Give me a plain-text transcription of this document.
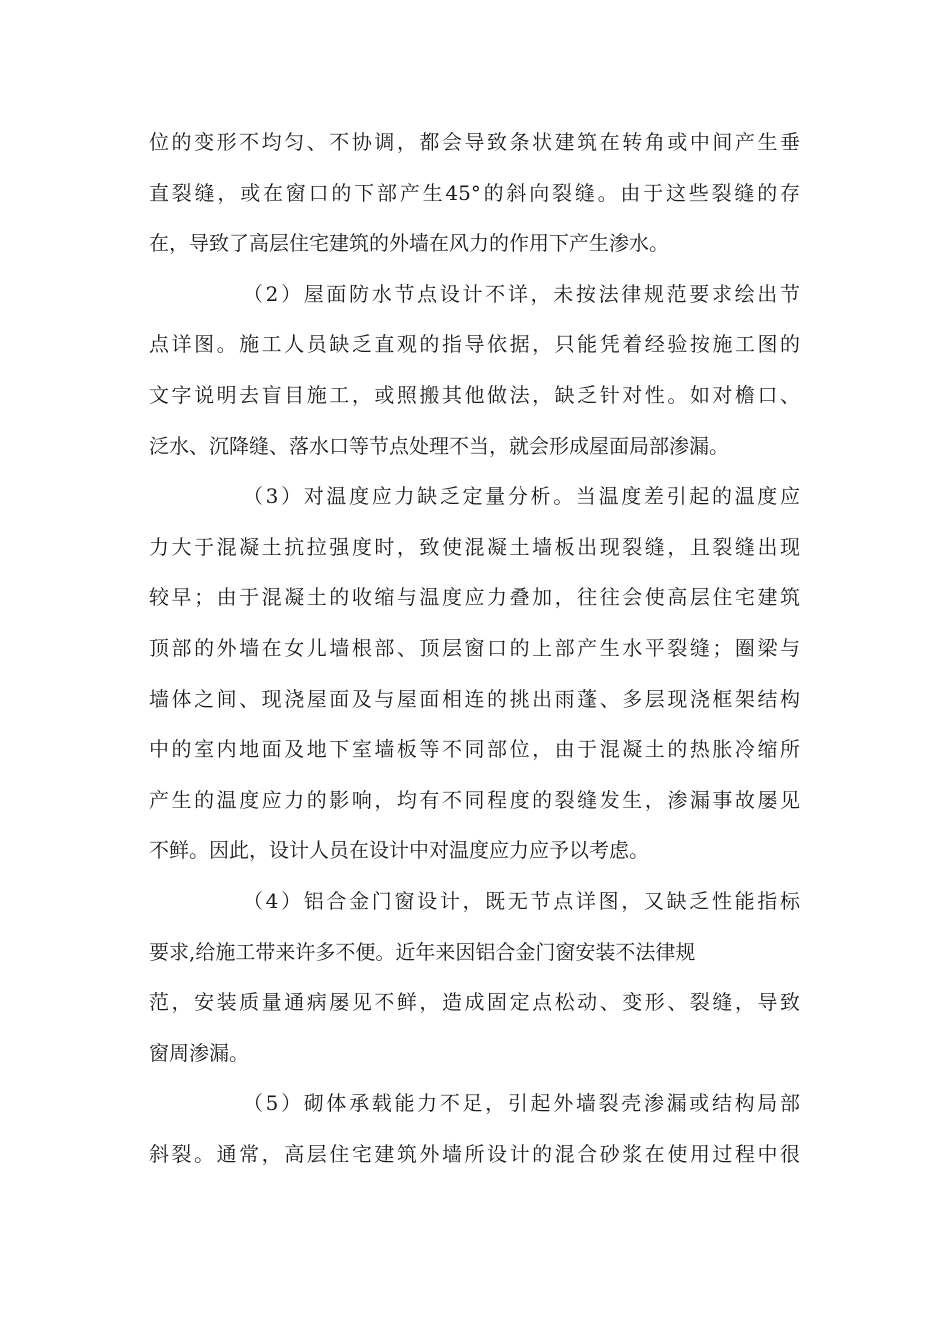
位的变形不均匀、不协调，都会导致条状建筑在转角或中间产生垂
直裂缝，或在窗口的下部产生45°的斜向裂缝。由于这些裂缝的存
在，导致了高层住宅建筑的外墙在风力的作用下产生渗水。
（2）屋面防水节点设计不详，未按法律规范要求绘出节
点详图。施工人员缺乏直观的指导依据，只能凭着经验按施工图的
文字说明去盲目施工，或照搬其他做法，缺乏针对性。如对檐口、
泛水、沉降缝、落水口等节点处理不当，就会形成屋面局部渗漏。
（3）对温度应力缺乏定量分析。当温度差引起的温度应
力大于混凝土抗拉强度时，致使混凝土墙板出现裂缝，且裂缝出现
较早；由于混凝土的收缩与温度应力叠加，往往会使高层住宅建筑
顶部的外墙在女儿墙根部、顶层窗口的上部产生水平裂缝；圈梁与
墙体之间、现浇屋面及与屋面相连的挑出雨蓬、多层现浇框架结构
中的室内地面及地下室墙板等不同部位，由于混凝土的热胀冷缩所
产生的温度应力的影响，均有不同程度的裂缝发生，渗漏事故屡见
不鲜。因此，设计人员在设计中对温度应力应予以考虑。
（4）铝合金门窗设计，既无节点详图，又缺乏性能指标
要求,给施工带来许多不便。近年来因铝合金门窗安装不法律规
范，安装质量通病屡见不鲜，造成固定点松动、变形、裂缝，导致
窗周渗漏。
（5）砌体承载能力不足，引起外墙裂壳渗漏或结构局部
斜裂。通常，高层住宅建筑外墙所设计的混合砂浆在使用过程中很
